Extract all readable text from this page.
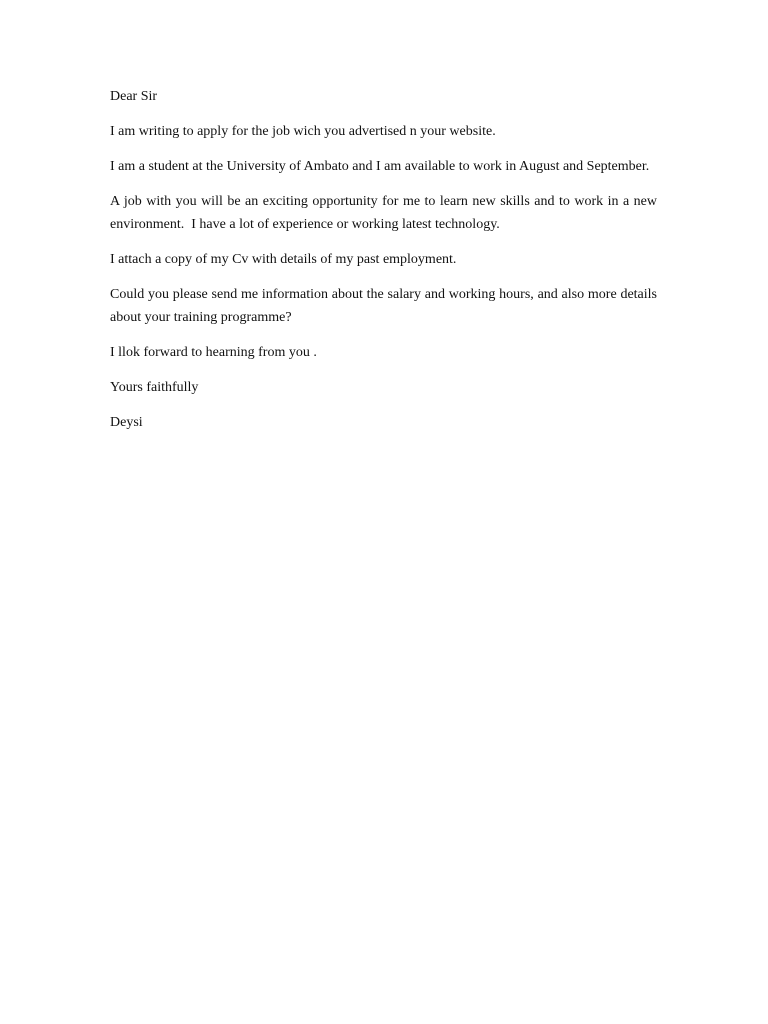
Dear Sir

I am writing to apply for the job wich you advertised n your website.

I am a student at the University of Ambato and I am available to work in August and September.

A job with you will be an exciting opportunity for me to learn new skills and to work in a new environment.  I have a lot of experience or working latest technology.

I attach a copy of my Cv with details of my past employment.

Could you please send me information about the salary and working hours, and also more details about your training programme?

I llok forward to hearning from you .

Yours faithfully

Deysi
